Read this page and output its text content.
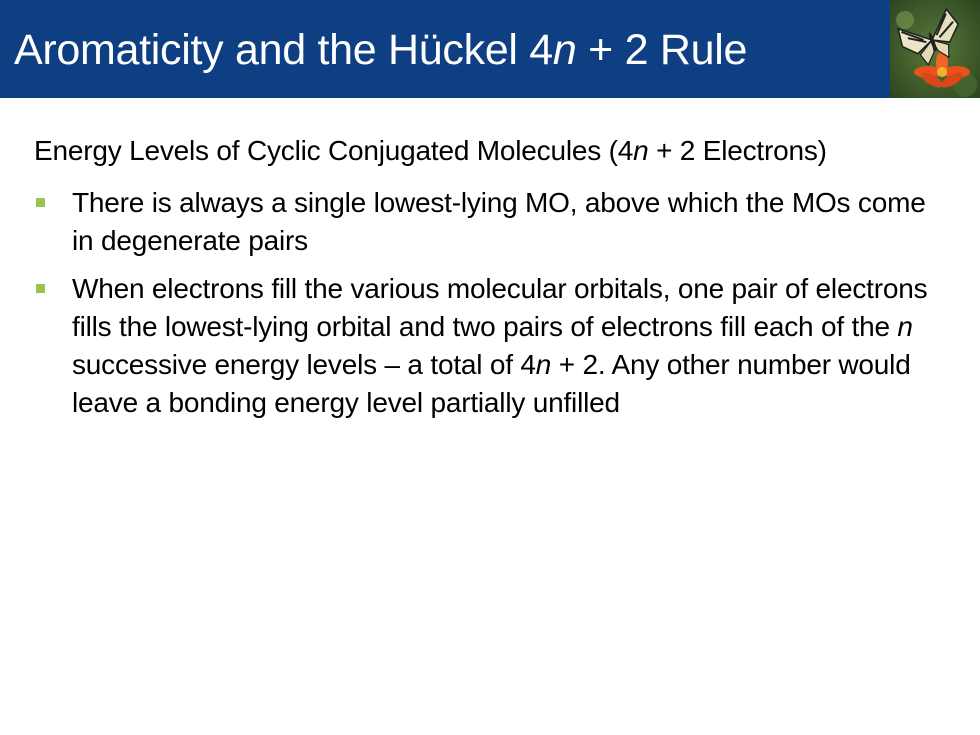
Aromaticity and the Hückel 4n + 2 Rule
Energy Levels of Cyclic Conjugated Molecules (4n + 2 Electrons)
There is always a single lowest-lying MO, above which the MOs come in degenerate pairs
When electrons fill the various molecular orbitals, one pair of electrons fills the lowest-lying orbital and two pairs of electrons fill each of the n successive energy levels – a total of 4n + 2. Any other number would leave a bonding energy level partially unfilled
